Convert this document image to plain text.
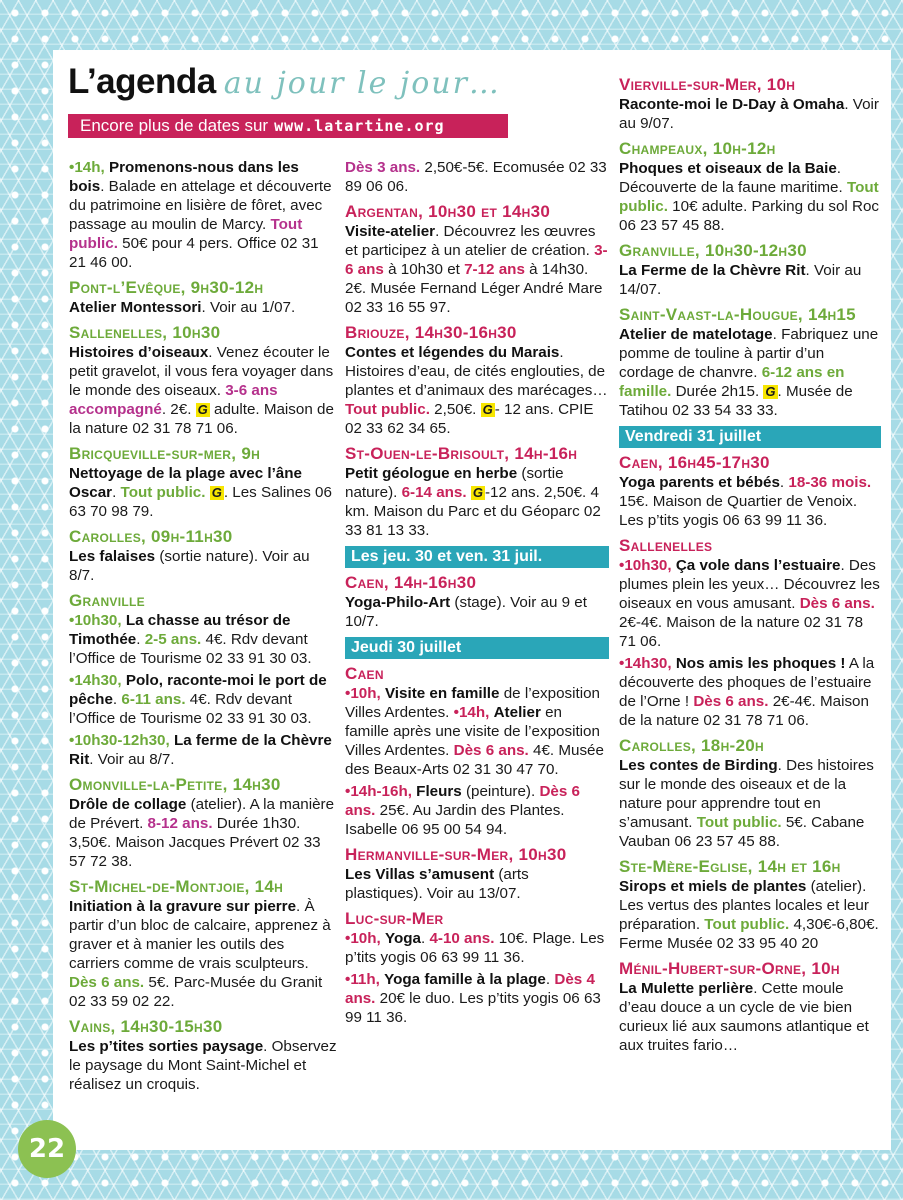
L’agenda au jour le jour…
Encore plus de dates sur www.latartine.org
•14h, Promenons-nous dans les bois. Balade en attelage et découverte du patrimoine en lisière de fôret, avec passage au moulin de Marcy. Tout public. 50€ pour 4 pers. Office 02 31 21 46 00.
Pont-l’Evêque, 9h30-12h
Atelier Montessori. Voir au 1/07.
Sallenelles, 10h30
Histoires d’oiseaux. Venez écouter le petit gravelot, il vous fera voyager dans le monde des oiseaux. 3-6 ans accompagné. 2€. G adulte. Maison de la nature 02 31 78 71 06.
Bricqueville-sur-mer, 9h
Nettoyage de la plage avec l’âne Oscar. Tout public. G . Les Salines 06 63 70 98 79.
Carolles, 09h-11h30
Les falaises (sortie nature). Voir au 8/7.
Granville
•10h30, La chasse au trésor de Timothée. 2-5 ans. 4€. Rdv devant l’Office de Tourisme 02 33 91 30 03.
•14h30, Polo, raconte-moi le port de pêche. 6-11 ans. 4€. Rdv devant l’Office de Tourisme 02 33 91 30 03.
•10h30-12h30, La ferme de la Chèvre Rit. Voir au 8/7.
Omonville-la-Petite, 14h30
Drôle de collage (atelier). A la manière de Prévert. 8-12 ans. Durée 1h30. 3,50€. Maison Jacques Prévert 02 33 57 72 38.
St-Michel-de-Montjoie, 14h
Initiation à la gravure sur pierre. À partir d’un bloc de calcaire, apprenez à graver et à manier les outils des carriers comme de vrais sculpteurs. Dès 6 ans. 5€. Parc-Musée du Granit 02 33 59 02 22.
Vains, 14h30-15h30
Les p’tites sorties paysage. Observez le paysage du Mont Saint-Michel et réalisez un croquis.
Dès 3 ans. 2,50€-5€. Ecomusée 02 33 89 06 06.
Argentan, 10h30 et 14h30
Visite-atelier. Découvrez les œuvres et participez à un atelier de création. 3-6 ans à 10h30 et 7-12 ans à 14h30. 2€. Musée Fernand Léger André Mare 02 33 16 55 97.
Briouze, 14h30-16h30
Contes et légendes du Marais. Histoires d’eau, de cités englouties, de plantes et d’animaux des marécages… Tout public. 2,50€. G - 12 ans. CPIE 02 33 62 34 65.
St-Ouen-le-Brisoult, 14h-16h
Petit géologue en herbe (sortie nature). 6-14 ans. G -12 ans. 2,50€. 4 km. Maison du Parc et du Géoparc 02 33 81 13 33.
Les jeu. 30 et ven. 31 juil.
Caen, 14h-16h30
Yoga-Philo-Art (stage). Voir au 9 et 10/7.
Jeudi 30 juillet
Caen
•10h, Visite en famille de l’exposition Villes Ardentes. •14h, Atelier en famille après une visite de l’exposition Villes Ardentes. Dès 6 ans. 4€. Musée des Beaux-Arts 02 31 30 47 70.
•14h-16h, Fleurs (peinture). Dès 6 ans. 25€. Au Jardin des Plantes. Isabelle 06 95 00 54 94.
Hermanville-sur-Mer, 10h30
Les Villas s’amusent (arts plastiques). Voir au 13/07.
Luc-sur-Mer
•10h, Yoga. 4-10 ans. 10€. Plage. Les p’tits yogis 06 63 99 11 36.
•11h, Yoga famille à la plage. Dès 4 ans. 20€ le duo. Les p’tits yogis 06 63 99 11 36.
Vierville-sur-Mer, 10h
Raconte-moi le D-Day à Omaha. Voir au 9/07.
Champeaux, 10h-12h
Phoques et oiseaux de la Baie. Découverte de la faune maritime. Tout public. 10€ adulte. Parking du sol Roc 06 23 57 45 88.
Granville, 10h30-12h30
La Ferme de la Chèvre Rit. Voir au 14/07.
Saint-Vaast-la-Hougue, 14h15
Atelier de matelotage. Fabriquez une pomme de touline à partir d’un cordage de chanvre. 6-12 ans en famille. Durée 2h15. G . Musée de Tatihou 02 33 54 33 33.
Vendredi 31 juillet
Caen, 16h45-17h30
Yoga parents et bébés. 18-36 mois. 15€. Maison de Quartier de Venoix. Les p’tits yogis 06 63 99 11 36.
Sallenelles
•10h30, Ça vole dans l’estuaire. Des plumes plein les yeux… Découvrez les oiseaux en vous amusant. Dès 6 ans. 2€-4€. Maison de la nature 02 31 78 71 06.
•14h30, Nos amis les phoques ! A la découverte des phoques de l’estuaire de l’Orne ! Dès 6 ans. 2€-4€. Maison de la nature 02 31 78 71 06.
Carolles, 18h-20h
Les contes de Birding. Des histoires sur le monde des oiseaux et de la nature pour apprendre tout en s’amusant. Tout public. 5€. Cabane Vauban 06 23 57 45 88.
Ste-Mère-Eglise, 14h et 16h
Sirops et miels de plantes (atelier). Les vertus des plantes locales et leur préparation. Tout public. 4,30€-6,80€. Ferme Musée 02 33 95 40 20
Ménil-Hubert-sur-Orne, 10h
La Mulette perlière. Cette moule d’eau douce a un cycle de vie bien curieux lié aux saumons atlantique et aux truites fario…
22
